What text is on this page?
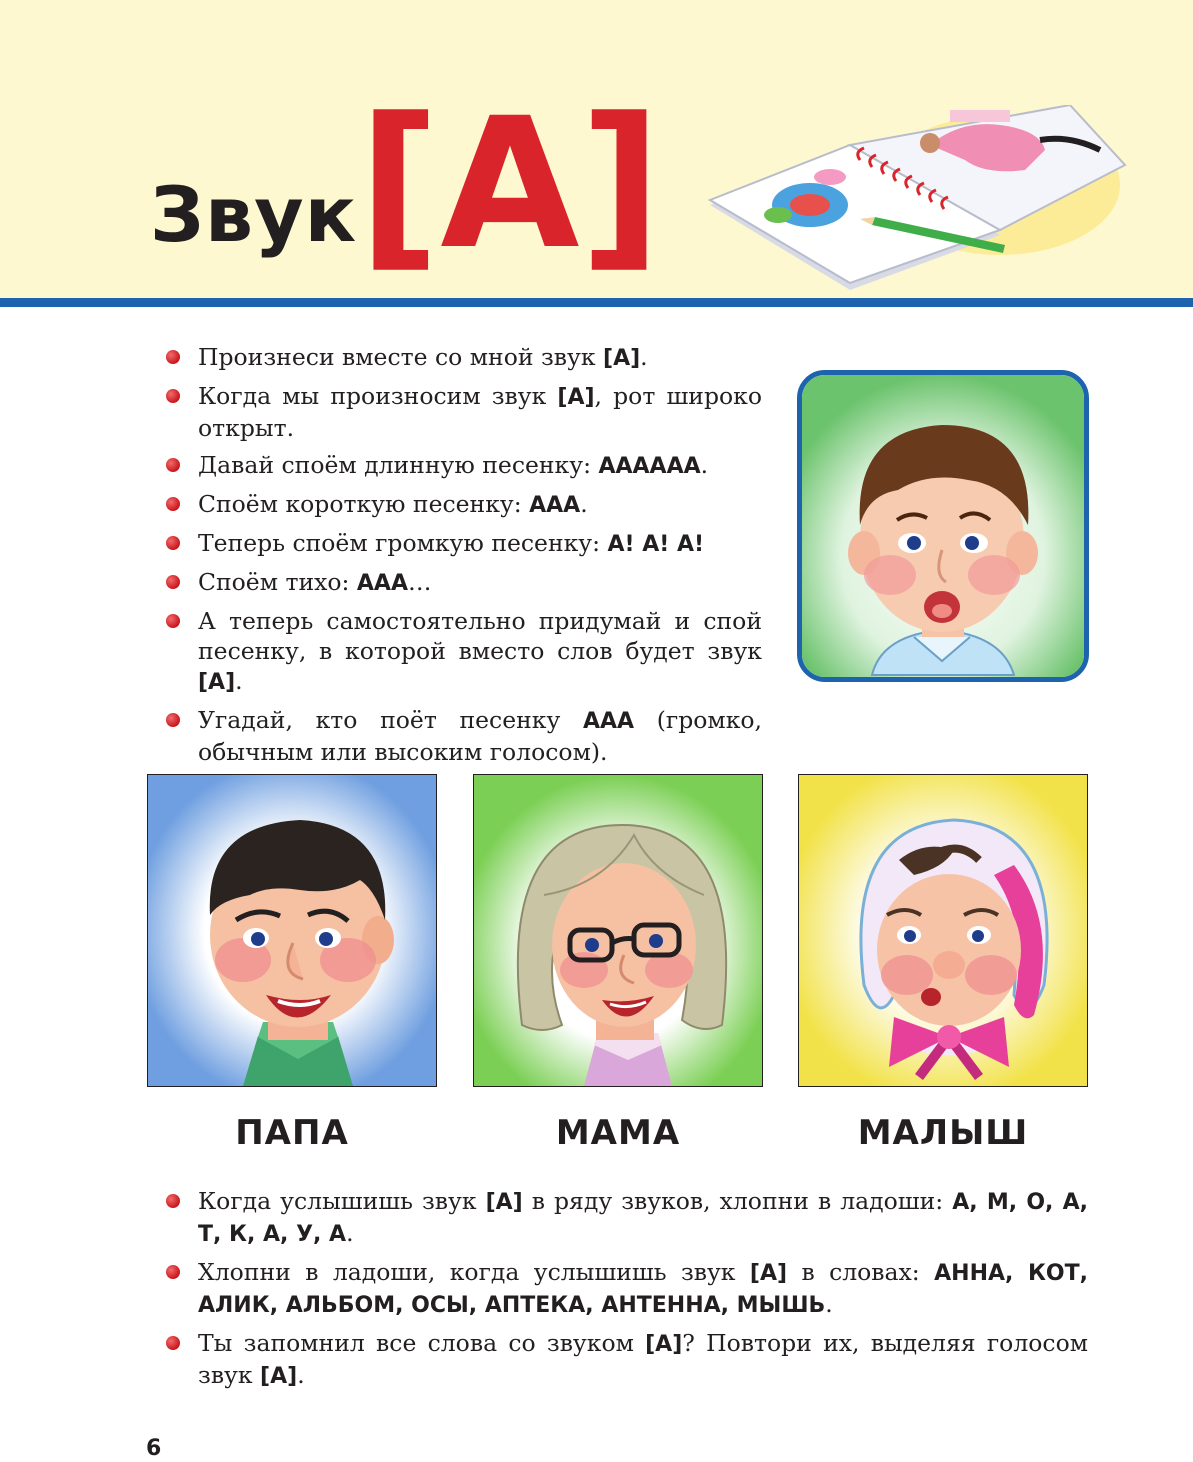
Звук [А]
Произнеси вместе со мной звук [А].
Когда мы произносим звук [А], рот широко открыт.
Давай споём длинную песенку: АААААА.
Споём короткую песенку: ААА.
Теперь споём громкую песенку: А! А! А!
Споём тихо: ААА…
А теперь самостоятельно придумай и спой песенку, в которой вместо слов будет звук [А].
Угадай, кто поёт песенку ААА (громко, обычным или высоким голосом).
ПАПА	МАМА	МАЛЫШ
Когда услышишь звук [А] в ряду звуков, хлопни в ладоши: А, М, О, А, Т, К, А, У, А.
Хлопни в ладоши, когда услышишь звук [А] в словах: АННА, КОТ, АЛИК, АЛЬБОМ, ОСЫ, АПТЕКА, АНТЕННА, МЫШЬ.
Ты запомнил все слова со звуком [А]? Повтори их, выделяя голосом звук [А].
6
